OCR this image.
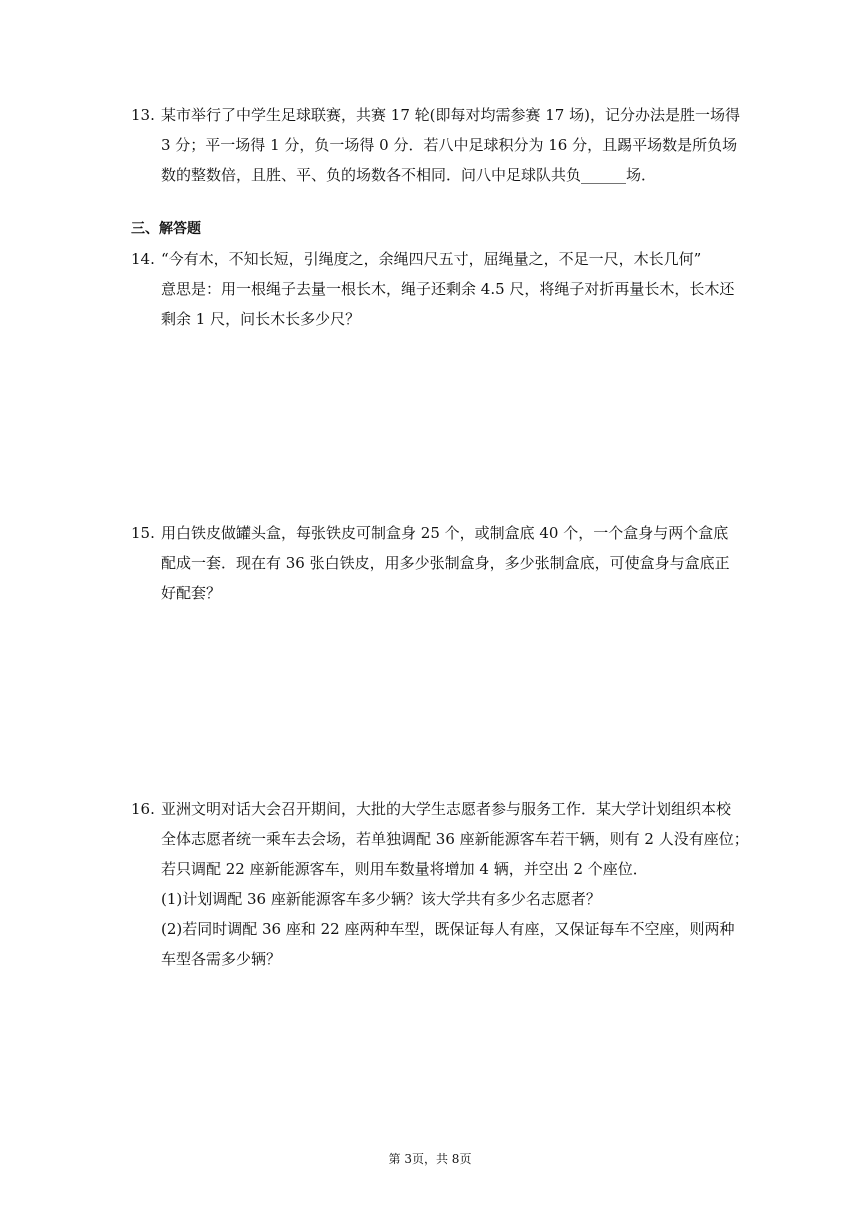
13. 某市举行了中学生足球联赛，共赛 17 轮(即每对均需参赛 17 场)，记分办法是胜一场得
3 分；平一场得 1 分，负一场得 0 分．若八中足球积分为 16 分，且踢平场数是所负场
数的整数倍，且胜、平、负的场数各不相同．问八中足球队共负______场．
三、解答题
14. “今有木，不知长短，引绳度之，余绳四尺五寸，屈绳量之，不足一尺，木长几何”
意思是：用一根绳子去量一根长木，绳子还剩余 4.5 尺，将绳子对折再量长木，长木还
剩余 1 尺，问长木长多少尺？
15. 用白铁皮做罐头盒，每张铁皮可制盒身 25 个，或制盒底 40 个，一个盒身与两个盒底
配成一套．现在有 36 张白铁皮，用多少张制盒身，多少张制盒底，可使盒身与盒底正
好配套？
16. 亚洲文明对话大会召开期间，大批的大学生志愿者参与服务工作．某大学计划组织本校
全体志愿者统一乘车去会场，若单独调配 36 座新能源客车若干辆，则有 2 人没有座位；
若只调配 22 座新能源客车，则用车数量将增加 4 辆，并空出 2 个座位．
(1)计划调配 36 座新能源客车多少辆？该大学共有多少名志愿者？
(2)若同时调配 36 座和 22 座两种车型，既保证每人有座，又保证每车不空座，则两种
车型各需多少辆？
第 3页，共 8页
